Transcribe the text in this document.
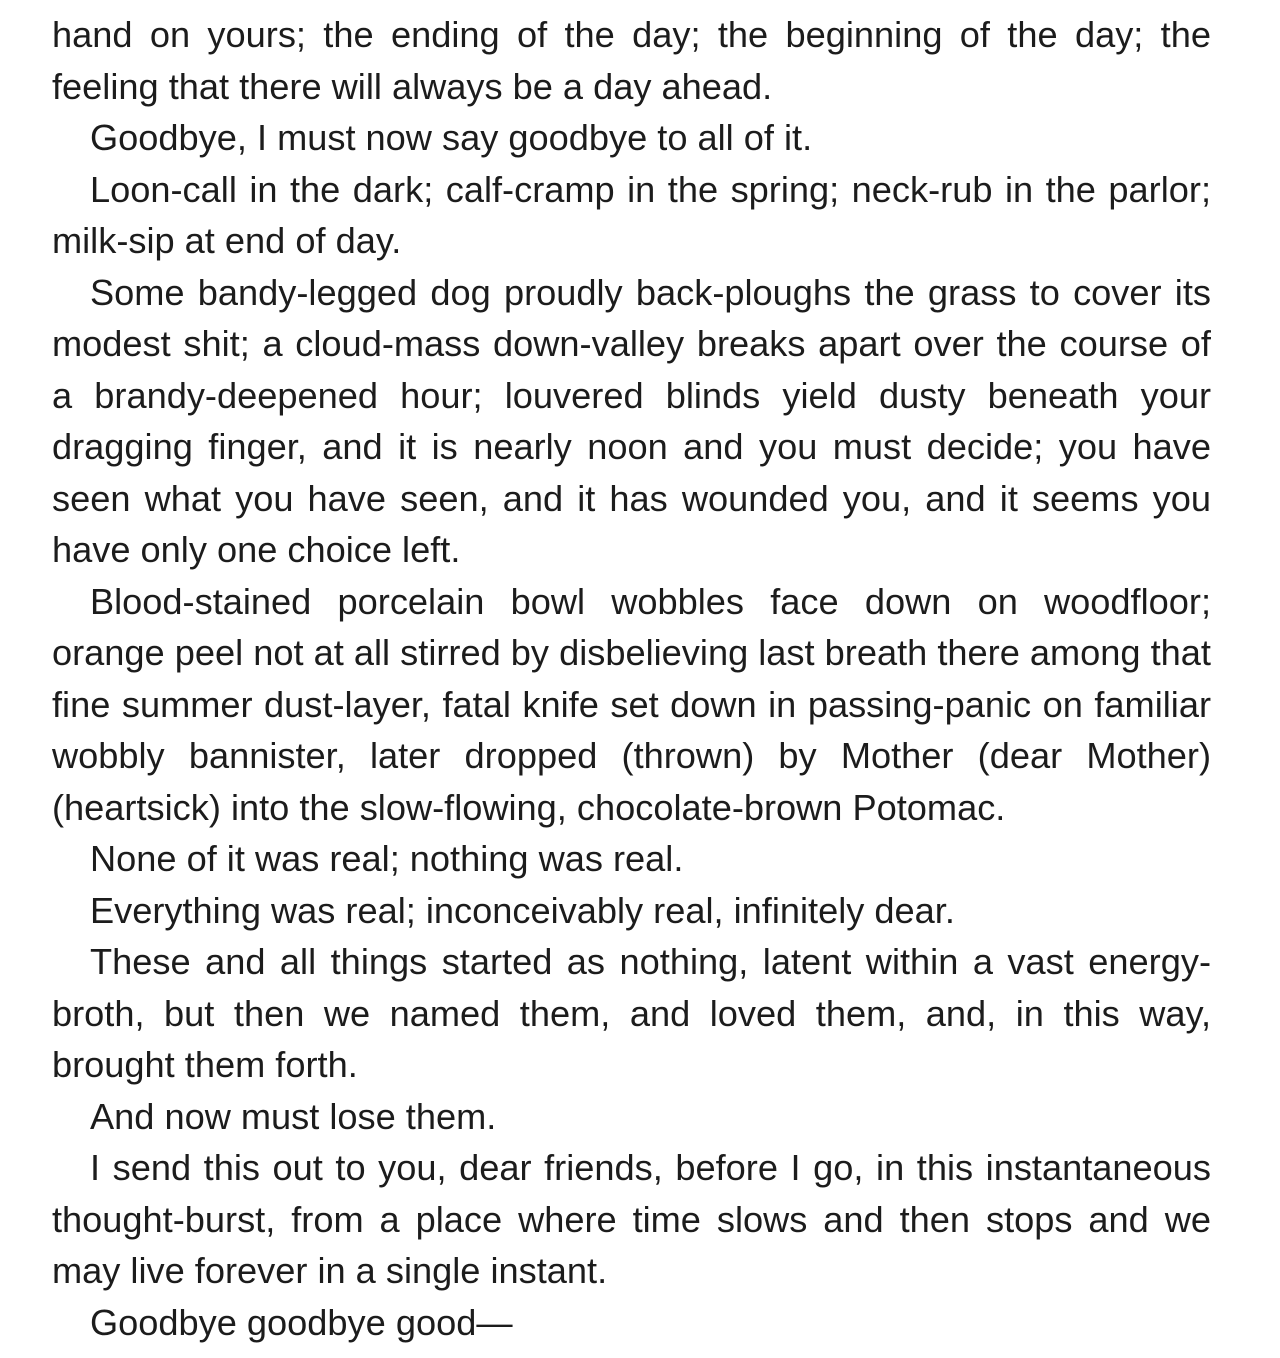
hand on yours; the ending of the day; the beginning of the day; the feeling that there will always be a day ahead.

Goodbye, I must now say goodbye to all of it.

Loon-call in the dark; calf-cramp in the spring; neck-rub in the parlor; milk-sip at end of day.

Some bandy-legged dog proudly back-ploughs the grass to cover its modest shit; a cloud-mass down-valley breaks apart over the course of a brandy-deepened hour; louvered blinds yield dusty beneath your dragging finger, and it is nearly noon and you must decide; you have seen what you have seen, and it has wounded you, and it seems you have only one choice left.

Blood-stained porcelain bowl wobbles face down on woodfloor; orange peel not at all stirred by disbelieving last breath there among that fine summer dust-layer, fatal knife set down in passing-panic on familiar wobbly bannister, later dropped (thrown) by Mother (dear Mother) (heartsick) into the slow-flowing, chocolate-brown Potomac.

None of it was real; nothing was real.

Everything was real; inconceivably real, infinitely dear.

These and all things started as nothing, latent within a vast energy-broth, but then we named them, and loved them, and, in this way, brought them forth.

And now must lose them.

I send this out to you, dear friends, before I go, in this instantaneous thought-burst, from a place where time slows and then stops and we may live forever in a single instant.

Goodbye goodbye good—
